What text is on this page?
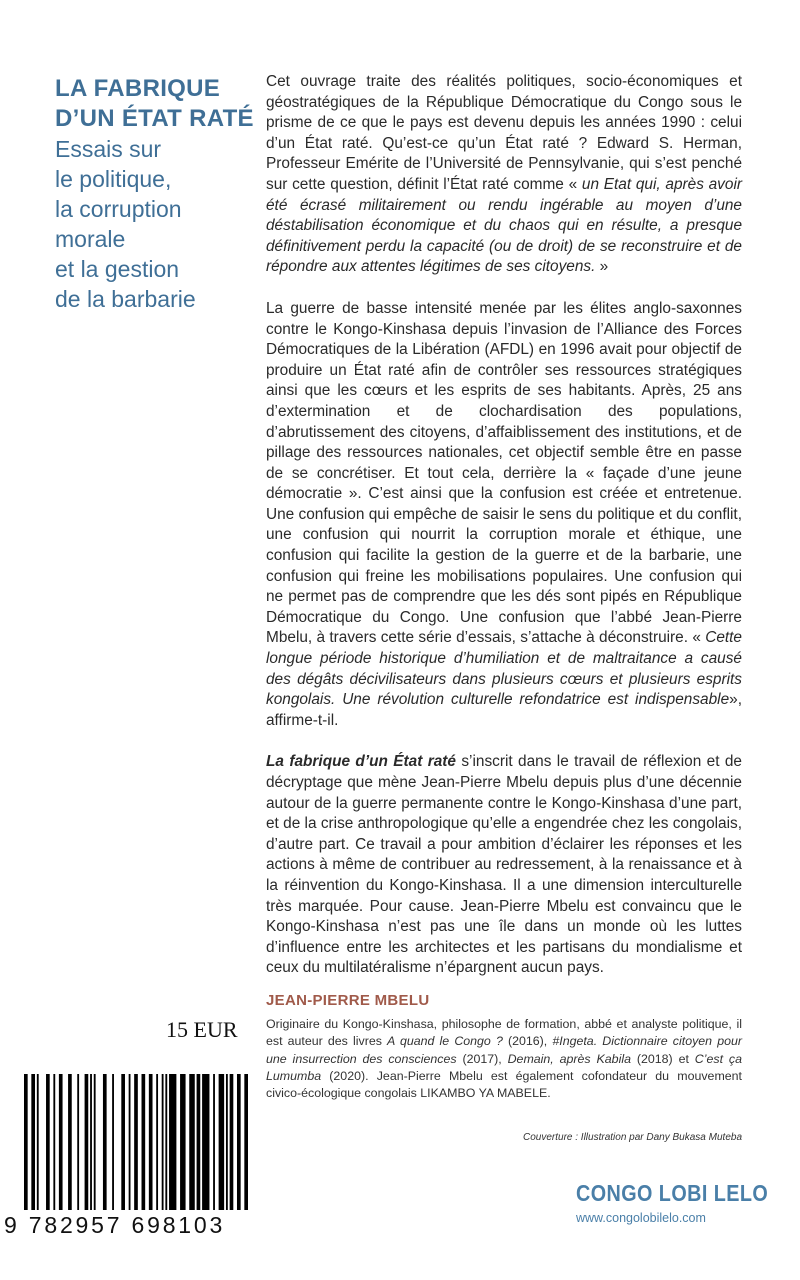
LA FABRIQUE
D’UN ÉTAT RATÉ
Essais sur
le politique,
la corruption
morale
et la gestion
de la barbarie

Cet ouvrage traite des réalités politiques, socio-économiques et géostratégiques de la République Démocratique du Congo sous le prisme de ce que le pays est devenu depuis les années 1990 : celui d’un État raté. Qu’est-ce qu’un État raté ? Edward S. Herman, Professeur Emérite de l’Université de Pennsylvanie, qui s’est penché sur cette question, définit l’État raté comme « un Etat qui, après avoir été écrasé militairement ou rendu ingérable au moyen d’une déstabilisation économique et du chaos qui en résulte, a presque définitivement perdu la capacité (ou de droit) de se reconstruire et de répondre aux attentes légitimes de ses citoyens. »

La guerre de basse intensité menée par les élites anglo-saxonnes contre le Kongo-Kinshasa depuis l’invasion de l’Alliance des Forces Démocratiques de la Libération (AFDL) en 1996 avait pour objectif de produire un État raté afin de contrôler ses ressources stratégiques ainsi que les cœurs et les esprits de ses habitants. Après, 25 ans d’extermination et de clochardisation des populations, d’abrutissement des citoyens, d’affaiblissement des institutions, et de pillage des ressources nationales, cet objectif semble être en passe de se concrétiser. Et tout cela, derrière la « façade d’une jeune démocratie ». C’est ainsi que la confusion est créée et entretenue. Une confusion qui empêche de saisir le sens du politique et du conflit, une confusion qui nourrit la corruption morale et éthique, une confusion qui facilite la gestion de la guerre et de la barbarie, une confusion qui freine les mobilisations populaires. Une confusion qui ne permet pas de comprendre que les dés sont pipés en République Démocratique du Congo. Une confusion que l’abbé Jean-Pierre Mbelu, à travers cette série d’essais, s’attache à déconstruire. « Cette longue période historique d’humiliation et de maltraitance a causé des dégâts décivilisateurs dans plusieurs cœurs et plusieurs esprits kongolais. Une révolution culturelle refondatrice est indispensable», affirme-t-il.

La fabrique d’un État raté s’inscrit dans le travail de réflexion et de décryptage que mène Jean-Pierre Mbelu depuis plus d’une décennie autour de la guerre permanente contre le Kongo-Kinshasa d’une part, et de la crise anthropologique qu’elle a engendrée chez les congolais, d’autre part. Ce travail a pour ambition d’éclairer les réponses et les actions à même de contribuer au redressement, à la renaissance et à la réinvention du Kongo-Kinshasa. Il a une dimension interculturelle très marquée. Pour cause. Jean-Pierre Mbelu est convaincu que le Kongo-Kinshasa n’est pas une île dans un monde où les luttes d’influence entre les architectes et les partisans du mondialisme et ceux du multilatéralisme n’épargnent aucun pays.

JEAN-PIERRE MBELU
Originaire du Kongo-Kinshasa, philosophe de formation, abbé et analyste politique, il est auteur des livres A quand le Congo ? (2016), #Ingeta. Dictionnaire citoyen pour une insurrection des consciences (2017), Demain, après Kabila (2018) et C’est ça Lumumba (2020). Jean-Pierre Mbelu est également cofondateur du mouvement civico-écologique congolais LIKAMBO YA MABELE.
15 EUR
9 782957 698103
Couverture : Illustration par Dany Bukasa Muteba
CONGO LOBI LELO
www.congolobilelo.com
